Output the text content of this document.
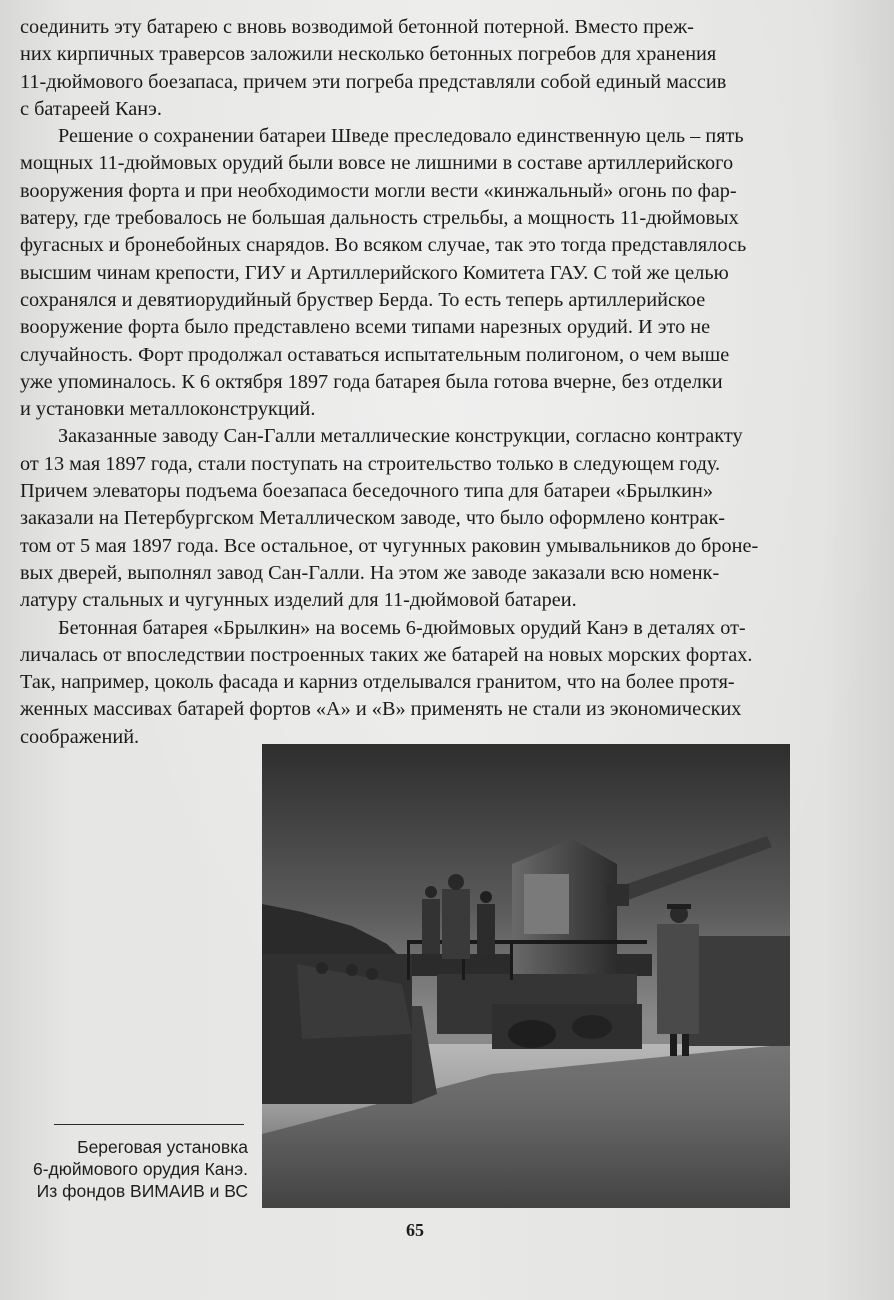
соединить эту батарею с вновь возводимой бетонной потерной. Вместо преж-
них кирпичных траверсов заложили несколько бетонных погребов для хранения
11-дюймового боезапаса, причем эти погреба представляли собой единый массив
с батареей Канэ.

Решение о сохранении батареи Шведе преследовало единственную цель – пять
мощных 11-дюймовых орудий были вовсе не лишними в составе артиллерийского
вооружения форта и при необходимости могли вести «кинжальный» огонь по фар-
ватеру, где требовалось не большая дальность стрельбы, а мощность 11-дюймовых
фугасных и бронебойных снарядов. Во всяком случае, так это тогда представлялось
высшим чинам крепости, ГИУ и Артиллерийского Комитета ГАУ. С той же целью
сохранялся и девятиорудийный бруствер Берда. То есть теперь артиллерийское
вооружение форта было представлено всеми типами нарезных орудий. И это не
случайность. Форт продолжал оставаться испытательным полигоном, о чем выше
уже упоминалось. К 6 октября 1897 года батарея была готова вчерне, без отделки
и установки металлоконструкций.

Заказанные заводу Сан-Галли металлические конструкции, согласно контракту
от 13 мая 1897 года, стали поступать на строительство только в следующем году.
Причем элеваторы подъема боезапаса беседочного типа для батареи «Брылкин»
заказали на Петербургском Металлическом заводе, что было оформлено контрак-
том от 5 мая 1897 года. Все остальное, от чугунных раковин умывальников до броне-
вых дверей, выполнял завод Сан-Галли. На этом же заводе заказали всю номенк-
латуру стальных и чугунных изделий для 11-дюймовой батареи.

Бетонная батарея «Брылкин» на восемь 6-дюймовых орудий Канэ в деталях от-
личалась от впоследствии построенных таких же батарей на новых морских фортах.
Так, например, цоколь фасада и карниз отделывался гранитом, что на более протя-
женных массивах батарей фортов «А» и «В» применять не стали из экономических
соображений.

Береговая установка
6-дюймового орудия Канэ.
Из фондов ВИМАИВ и ВС
65
